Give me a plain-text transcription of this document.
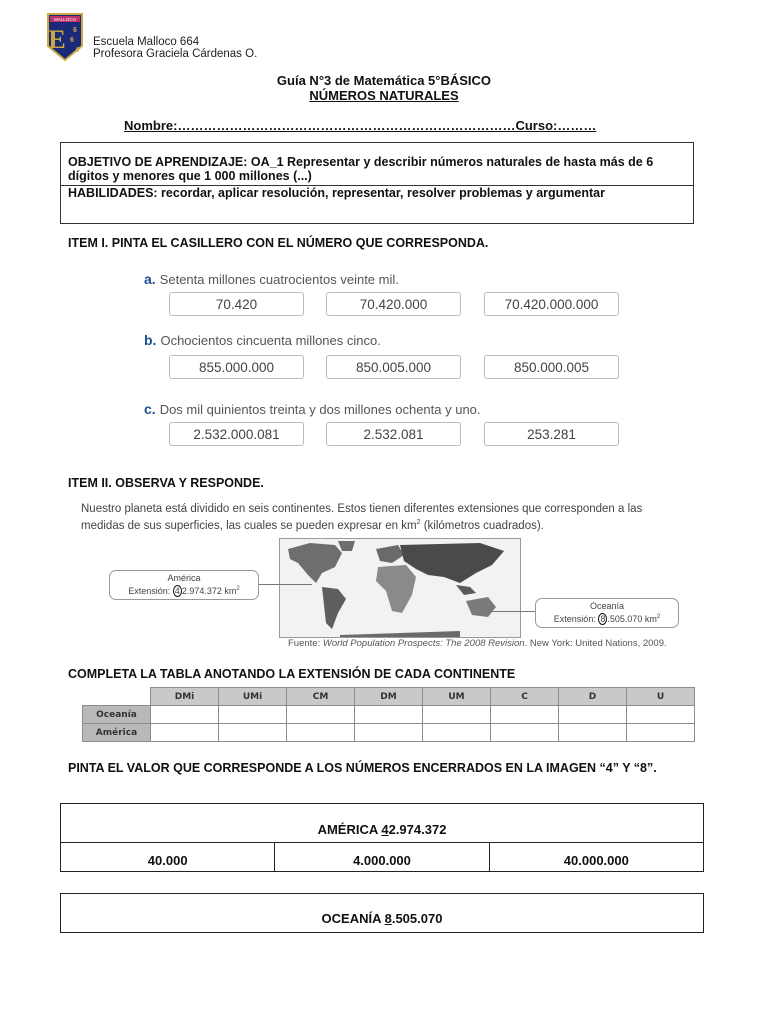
MALLOCO
E 6
6
4
Escuela Malloco 664
Profesora Graciela Cárdenas O.
Guía N°3 de Matemática 5°BÁSICO
NÚMEROS NATURALES
Nombre:……………………………………………………………………Curso:………
OBJETIVO DE APRENDIZAJE: OA_1 Representar y describir números naturales de hasta más de 6 dígitos y menores que 1 000 millones (...)
HABILIDADES: recordar, aplicar resolución, representar, resolver problemas y argumentar
ITEM I. PINTA EL CASILLERO CON EL NÚMERO QUE CORRESPONDA.
a. Setenta millones cuatrocientos veinte mil.
70.420	70.420.000	70.420.000.000
b. Ochocientos cincuenta millones cinco.
855.000.000	850.005.000	850.000.005
c. Dos mil quinientos treinta y dos millones ochenta y uno.
2.532.000.081	2.532.081	253.281
ITEM II. OBSERVA Y RESPONDE.
Nuestro planeta está dividido en seis continentes. Estos tienen diferentes extensiones que corresponden a las medidas de sus superficies, las cuales se pueden expresar en $km^2$ (kilómetros cuadrados).
América
Extensión: 4 2.974.372 $km^2$
Oceanía
Extensión: 8 .505.070 $km^2$
Fuente: World Population Prospects: The 2008 Revision. New York: United Nations, 2009.
COMPLETA LA TABLA ANOTANDO LA EXTENSIÓN DE CADA CONTINENTE
	DMi	UMi	CM	DM	UM	C	D	U
Oceanía								
América								
PINTA EL VALOR QUE CORRESPONDE A LOS NÚMEROS ENCERRADOS EN LA IMAGEN “4” Y “8”.
AMÉRICA 42.974.372
40.000	4.000.000	40.000.000
OCEANÍA 8.505.070
